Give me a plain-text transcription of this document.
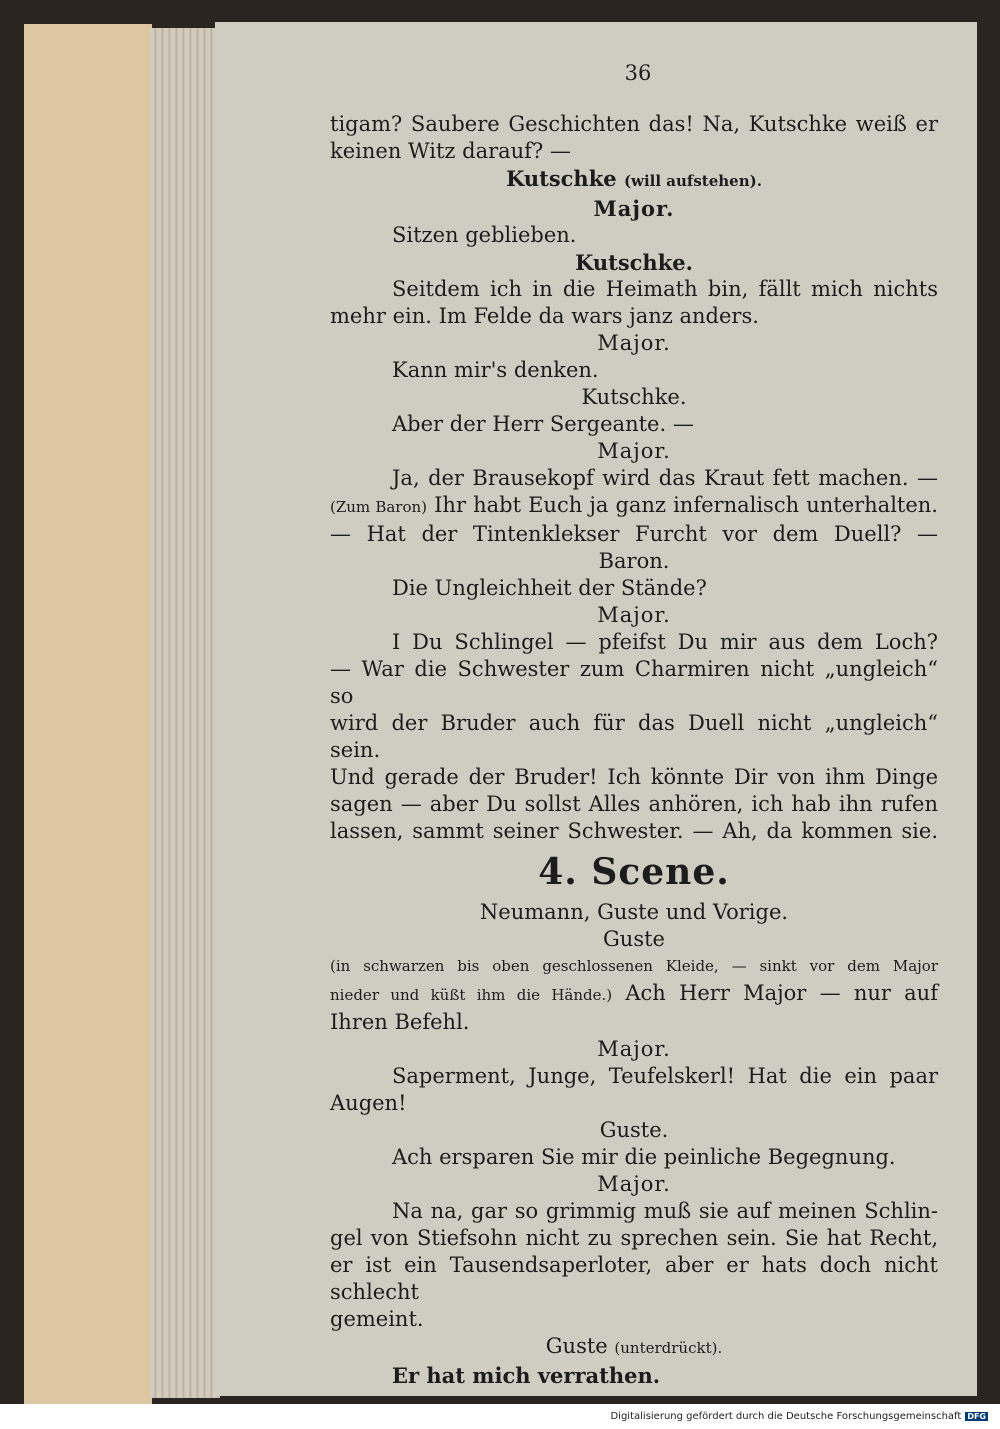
36
tigam? Saubere Geschichten das! Na, Kutschke weiß er
keinen Witz darauf? —
Kutschke (will aufstehen).
Major.
Sitzen geblieben.
Kutschke.
Seitdem ich in die Heimath bin, fällt mich nichts
mehr ein. Im Felde da wars janz anders.
Major.
Kann mir's denken.
Kutschke.
Aber der Herr Sergeante. —
Major.
Ja, der Brausekopf wird das Kraut fett machen. —
(Zum Baron) Ihr habt Euch ja ganz infernalisch unterhalten.
— Hat der Tintenklekser Furcht vor dem Duell? —
Baron.
Die Ungleichheit der Stände?
Major.
I Du Schlingel — pfeifst Du mir aus dem Loch?
— War die Schwester zum Charmiren nicht „ungleich“ so
wird der Bruder auch für das Duell nicht „ungleich“ sein.
Und gerade der Bruder! Ich könnte Dir von ihm Dinge
sagen — aber Du sollst Alles anhören, ich hab ihn rufen
lassen, sammt seiner Schwester. — Ah, da kommen sie.
4. Scene.
Neumann, Guste und Vorige.
Guste
(in schwarzen bis oben geschlossenen Kleide, — sinkt vor dem Major
nieder und küßt ihm die Hände.) Ach Herr Major — nur auf
Ihren Befehl.
Major.
Saperment, Junge, Teufelskerl! Hat die ein paar
Augen!
Guste.
Ach ersparen Sie mir die peinliche Begegnung.
Major.
Na na, gar so grimmig muß sie auf meinen Schlin-
gel von Stiefsohn nicht zu sprechen sein. Sie hat Recht,
er ist ein Tausendsaperloter, aber er hats doch nicht schlecht
gemeint.
Guste (unterdrückt).
Er hat mich verrathen.
Digitalisierung gefördert durch die Deutsche Forschungsgemeinschaft DFG
